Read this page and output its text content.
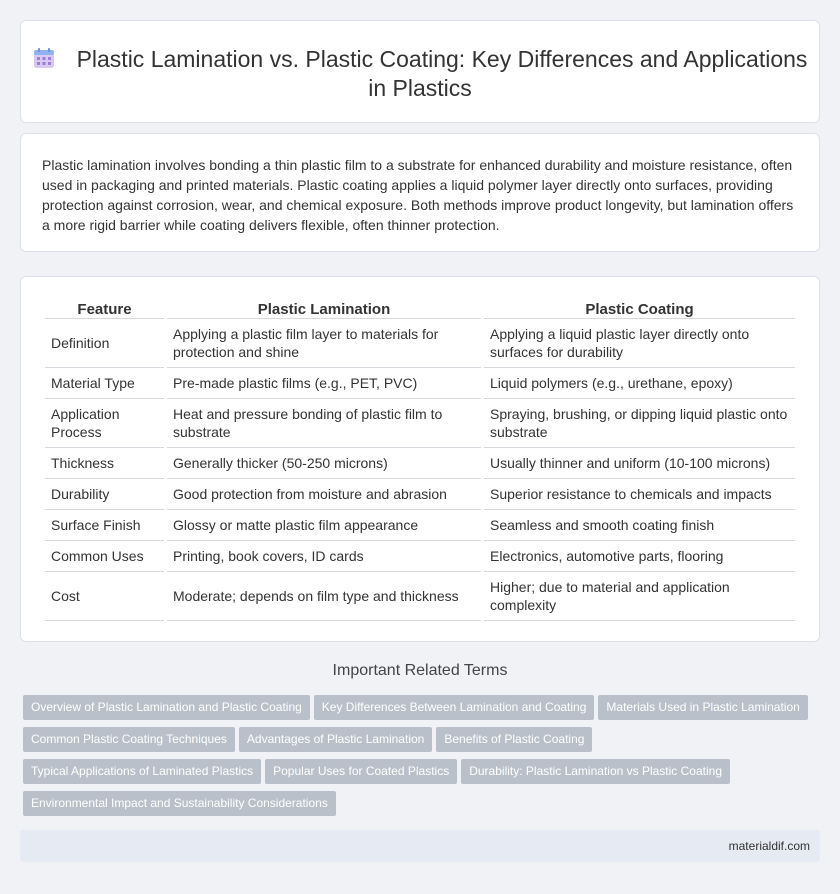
Plastic Lamination vs. Plastic Coating: Key Differences and Applications in Plastics

Plastic lamination involves bonding a thin plastic film to a substrate for enhanced durability and moisture resistance, often used in packaging and printed materials. Plastic coating applies a liquid polymer layer directly onto surfaces, providing protection against corrosion, wear, and chemical exposure. Both methods improve product longevity, but lamination offers a more rigid barrier while coating delivers flexible, often thinner protection.

Feature	Plastic Lamination	Plastic Coating
Definition	Applying a plastic film layer to materials for protection and shine	Applying a liquid plastic layer directly onto surfaces for durability
Material Type	Pre-made plastic films (e.g., PET, PVC)	Liquid polymers (e.g., urethane, epoxy)
Application Process	Heat and pressure bonding of plastic film to substrate	Spraying, brushing, or dipping liquid plastic onto substrate
Thickness	Generally thicker (50-250 microns)	Usually thinner and uniform (10-100 microns)
Durability	Good protection from moisture and abrasion	Superior resistance to chemicals and impacts
Surface Finish	Glossy or matte plastic film appearance	Seamless and smooth coating finish
Common Uses	Printing, book covers, ID cards	Electronics, automotive parts, flooring
Cost	Moderate; depends on film type and thickness	Higher; due to material and application complexity
Important Related Terms
Overview of Plastic Lamination and Plastic Coating Key Differences Between Lamination and Coating Materials Used in Plastic Lamination
Common Plastic Coating Techniques Advantages of Plastic Lamination Benefits of Plastic Coating
Typical Applications of Laminated Plastics Popular Uses for Coated Plastics Durability: Plastic Lamination vs Plastic Coating
Environmental Impact and Sustainability Considerations
materialdif.com
